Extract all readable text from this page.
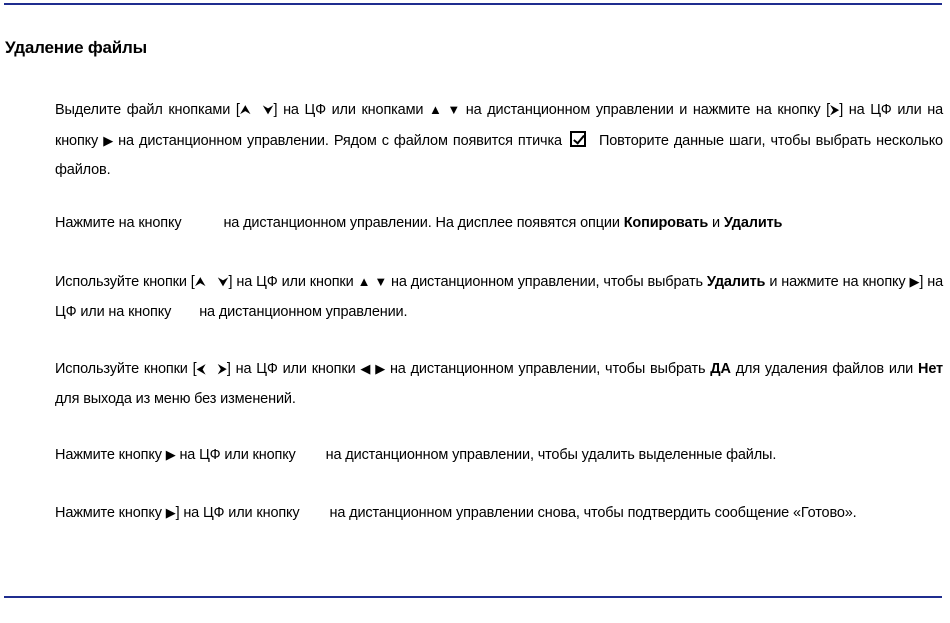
Удаление файлы

Выделите файл кнопками [⮝ ⮟] на ЦФ или кнопками ▲ ▼ на дистанционном управлении и нажмите на кнопку [⮞] на ЦФ или на кнопку ▶ на дистанционном управлении. Рядом с файлом появится птичка	Повторите данные шаги, чтобы выбрать несколько файлов.

Нажмите на кнопку	на дистанционном управлении. На дисплее появятся опции Копировать и Удалить

Используйте кнопки [⮝ ⮟] на ЦФ или кнопки ▲ ▼ на дистанционном управлении, чтобы выбрать Удалить и нажмите на кнопку ▶] на ЦФ или на кнопку на дистанционном управлении.

Используйте кнопки [⮜ ⮞] на ЦФ или кнопки ◀ ▶ на дистанционном управлении, чтобы выбрать ДА для удаления файлов или Нет для выхода из меню без изменений.

Нажмите кнопку ▶ на ЦФ или кнопку на дистанционном управлении, чтобы удалить выделенные файлы.

Нажмите кнопку ▶] на ЦФ или кнопку на дистанционном управлении снова, чтобы подтвердить сообщение «Готово».
